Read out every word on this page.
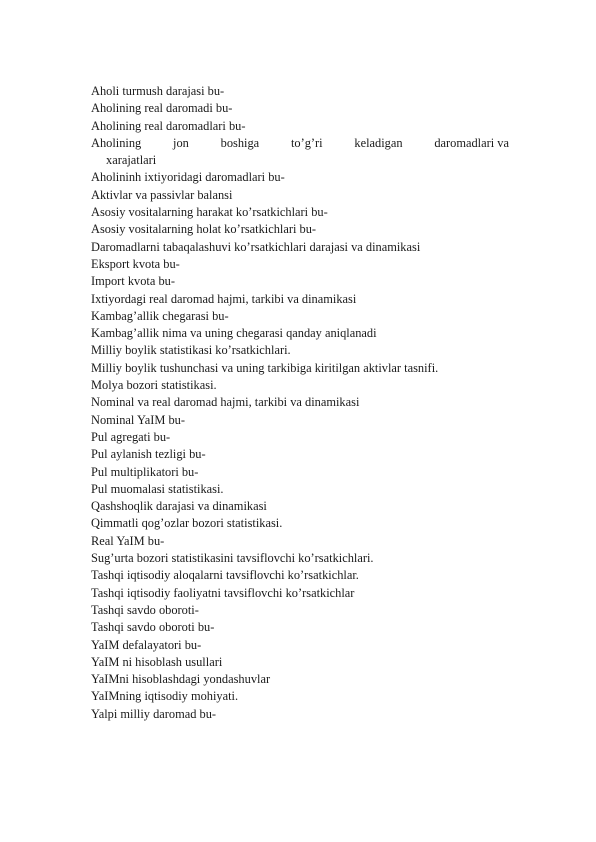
Aholi turmush darajasi bu-
Aholining real daromadi bu-
Aholining real daromadlari bu-
Aholining	jon	boshiga	to’g’ri	keladigan	daromadlari va
xarajatlari
Aholininh ixtiyoridagi daromadlari bu-
Aktivlar va passivlar balansi
Asosiy vositalarning harakat ko’rsatkichlari bu-
Asosiy vositalarning holat ko’rsatkichlari bu-
Daromadlarni tabaqalashuvi ko’rsatkichlari darajasi va dinamikasi
Eksport kvota bu-
Import kvota bu-
Ixtiyordagi real daromad hajmi, tarkibi va dinamikasi
Kambag’allik chegarasi bu-
Kambag’allik nima va uning chegarasi qanday aniqlanadi
Milliy boylik statistikasi ko’rsatkichlari.
Milliy boylik tushunchasi va uning tarkibiga kiritilgan aktivlar tasnifi.
Molya bozori statistikasi.
Nominal va real daromad hajmi, tarkibi va dinamikasi
Nominal YaIM bu-
Pul agregati bu-
Pul aylanish tezligi bu-
Pul multiplikatori bu-
Pul muomalasi statistikasi.
Qashshoqlik darajasi va dinamikasi
Qimmatli qog’ozlar bozori statistikasi.
Real YaIM bu-
Sug’urta bozori statistikasini tavsiflovchi ko’rsatkichlari.
Tashqi iqtisodiy aloqalarni tavsiflovchi ko’rsatkichlar.
Tashqi iqtisodiy faoliyatni tavsiflovchi ko’rsatkichlar
Tashqi savdo oboroti-
Tashqi savdo oboroti bu-
YaIM defalayatori bu-
YaIM ni hisoblash usullari
YaIMni hisoblashdagi yondashuvlar
YaIMning iqtisodiy mohiyati.
Yalpi milliy daromad bu-
